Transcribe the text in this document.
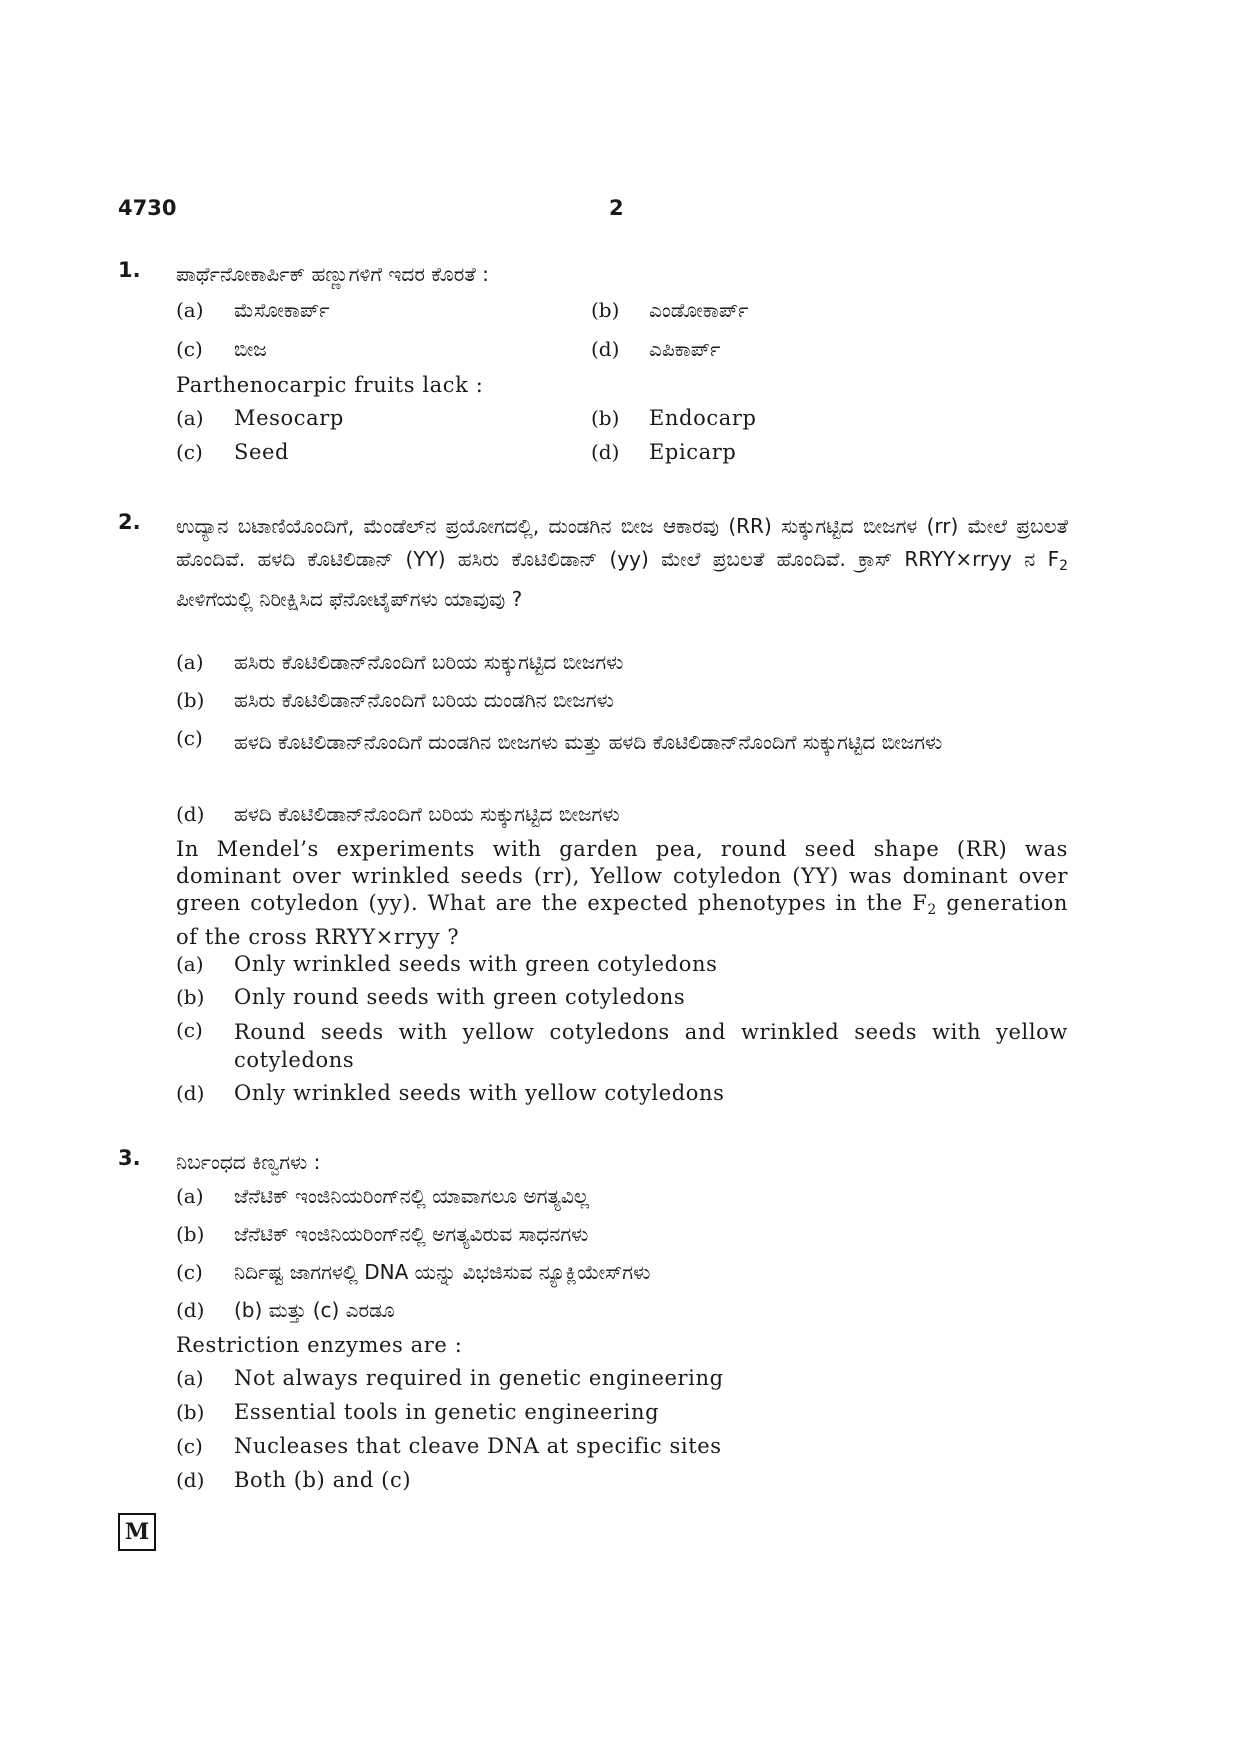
4730	2
1. ಪಾರ್ಥೆನೋಕಾರ್ಪಿಕ್ ಹಣ್ಣುಗಳಿಗೆ ಇದರ ಕೊರತೆ :
(a) ಮೆಸೋಕಾರ್ಪ್	(b) ಎಂಡೋಕಾರ್ಪ್
(c) ಬೀಜ	(d) ಎಪಿಕಾರ್ಪ್
Parthenocarpic fruits lack :
(a) Mesocarp	(b) Endocarp
(c) Seed	(d) Epicarp
2. ಉದ್ಯಾನ ಬಟಾಣಿಯೊಂದಿಗೆ, ಮೆಂಡೆಲ್‌ನ ಪ್ರಯೋಗದಲ್ಲಿ, ದುಂಡಗಿನ ಬೀಜ ಆಕಾರವು (RR) ಸುಕ್ಕುಗಟ್ಟಿದ ಬೀಜಗಳ (rr) ಮೇಲೆ ಪ್ರಬಲತೆ ಹೊಂದಿವೆ. ಹಳದಿ ಕೊಟಿಲಿಡಾನ್ (YY) ಹಸಿರು ಕೊಟಿಲಿಡಾನ್ (yy) ಮೇಲೆ ಪ್ರಬಲತೆ ಹೊಂದಿವೆ. ಕ್ರಾಸ್ RRYY×rryy ನ $F_2$ ಪೀಳಿಗೆಯಲ್ಲಿ ನಿರೀಕ್ಷಿಸಿದ ಫೆನೋಟೈಪ್‌ಗಳು ಯಾವುವು ?
(a) ಹಸಿರು ಕೊಟಿಲಿಡಾನ್‌ನೊಂದಿಗೆ ಬರಿಯ ಸುಕ್ಕುಗಟ್ಟಿದ ಬೀಜಗಳು
(b) ಹಸಿರು ಕೊಟಿಲಿಡಾನ್‌ನೊಂದಿಗೆ ಬರಿಯ ದುಂಡಗಿನ ಬೀಜಗಳು
(c) ಹಳದಿ ಕೊಟಿಲಿಡಾನ್‌ನೊಂದಿಗೆ ದುಂಡಗಿನ ಬೀಜಗಳು ಮತ್ತು ಹಳದಿ ಕೊಟಿಲಿಡಾನ್‌ನೊಂದಿಗೆ ಸುಕ್ಕುಗಟ್ಟಿದ ಬೀಜಗಳು
(d) ಹಳದಿ ಕೊಟಿಲಿಡಾನ್‌ನೊಂದಿಗೆ ಬರಿಯ ಸುಕ್ಕುಗಟ್ಟಿದ ಬೀಜಗಳು
In Mendel’s experiments with garden pea, round seed shape (RR) was dominant over wrinkled seeds (rr), Yellow cotyledon (YY) was dominant over green cotyledon (yy). What are the expected phenotypes in the $F_2$ generation of the cross RRYY×rryy ?
(a) Only wrinkled seeds with green cotyledons
(b) Only round seeds with green cotyledons
(c) Round seeds with yellow cotyledons and wrinkled seeds with yellow cotyledons
(d) Only wrinkled seeds with yellow cotyledons
3. ನಿರ್ಬಂಧದ ಕಿಣ್ವಗಳು :
(a) ಜೆನೆಟಿಕ್ ಇಂಜಿನಿಯರಿಂಗ್‌ನಲ್ಲಿ ಯಾವಾಗಲೂ ಅಗತ್ಯವಿಲ್ಲ
(b) ಜೆನೆಟಿಕ್ ಇಂಜಿನಿಯರಿಂಗ್‌ನಲ್ಲಿ ಅಗತ್ಯವಿರುವ ಸಾಧನಗಳು
(c) ನಿರ್ದಿಷ್ಟ ಜಾಗಗಳಲ್ಲಿ DNA ಯನ್ನು ವಿಭಜಿಸುವ ನ್ಯೂಕ್ಲಿಯೇಸ್‌ಗಳು
(d) (b) ಮತ್ತು (c) ಎರಡೂ
Restriction enzymes are :
(a) Not always required in genetic engineering
(b) Essential tools in genetic engineering
(c) Nucleases that cleave DNA at specific sites
(d) Both (b) and (c)
M
